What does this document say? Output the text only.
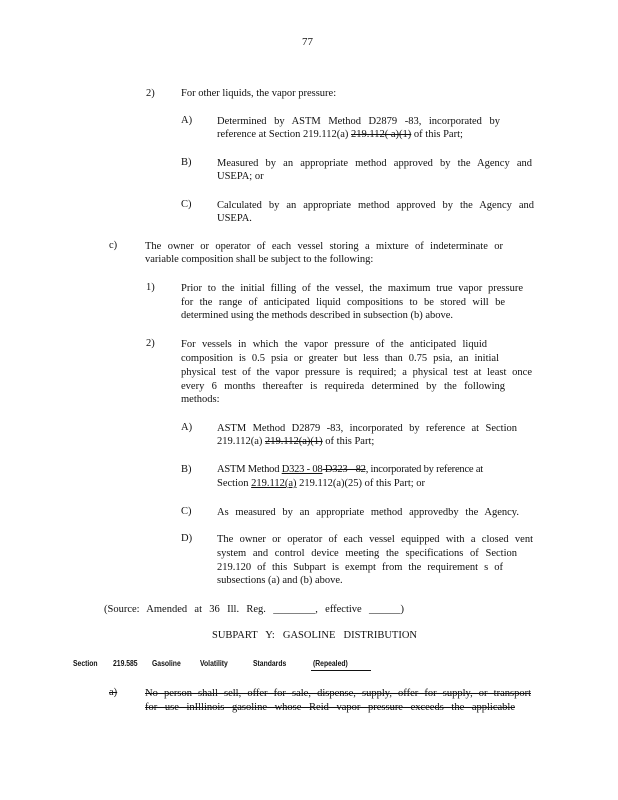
77
2)	For other liquids, the vapor pressure:
A) Determined by ASTM Method D2879 -83, incorporated by
reference at Section 219.112(a) 219.112( a)(1) of this Part;
B) Measured by an appropriate method approved by the Agency and
USEPA; or
C) Calculated by an appropriate method approved by the Agency and
USEPA.
c)	The owner or operator of each vessel storing a mixture of indeterminate or
variable composition shall be subject to the following:
1)	Prior to the initial filling of the vessel, the maximum true vapor pressure
for the range of anticipated liquid compositions to be stored will be
determined using the methods described in subsection (b) above.
2)	For vessels in which the vapor pressure of the anticipated liquid
composition is 0.5 psia or greater but less than 0.75 psia, an initial
physical test of the vapor pressure is required; a physical test at least once
every 6 months thereafter is requireda determined by the following
methods:
A) ASTM Method D2879 -83, incorporated by reference at Section
219.112(a) 219.112(a)(1) of this Part;
B) ASTM Method D323 - 08 D323 - 82, incorporated by reference at
Section 219.112(a) 219.112(a)(25) of this Part; or
C) As measured by an appropriate method approvedby the Agency.
D) The owner or operator of each vessel equipped with a closed vent
system and control device meeting the specifications of Section
219.120 of this Subpart is exempt from the requirement s of
subsections (a) and (b) above.
(Source: Amended at 36 Ill. Reg. ________, effective ______)
SUBPART Y: GASOLINE DISTRIBUTION
Section 219.585 Gasoline Volatility	Standards	(Repealed)
a)	No person shall sell, offer for sale, dispense, supply, offer for supply, or transport
for use inIllinois gasoline whose Reid vapor pressure exceeds the applicable
